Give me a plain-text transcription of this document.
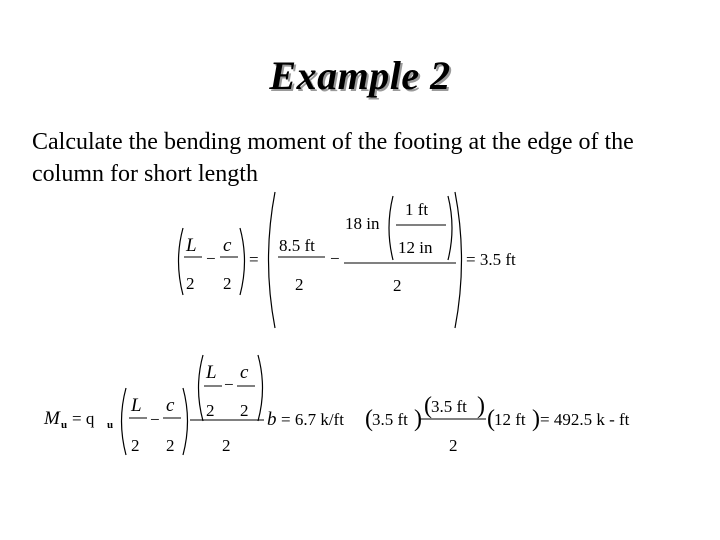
Example 2
Calculate the bending moment of the footing at the edge of the column for short length
L
2
−
c
2
=
8.5 ft
2
−
18 in
1 ft
12 in
2
= 3.5 ft
M u = q u
L
2
−
c
2
L
2
−
c
2
2
b = 6.7 k/ft ( 3.5 ft ) ( 3.5 ft )
2
( 12 ft ) = 492.5 k - ft
